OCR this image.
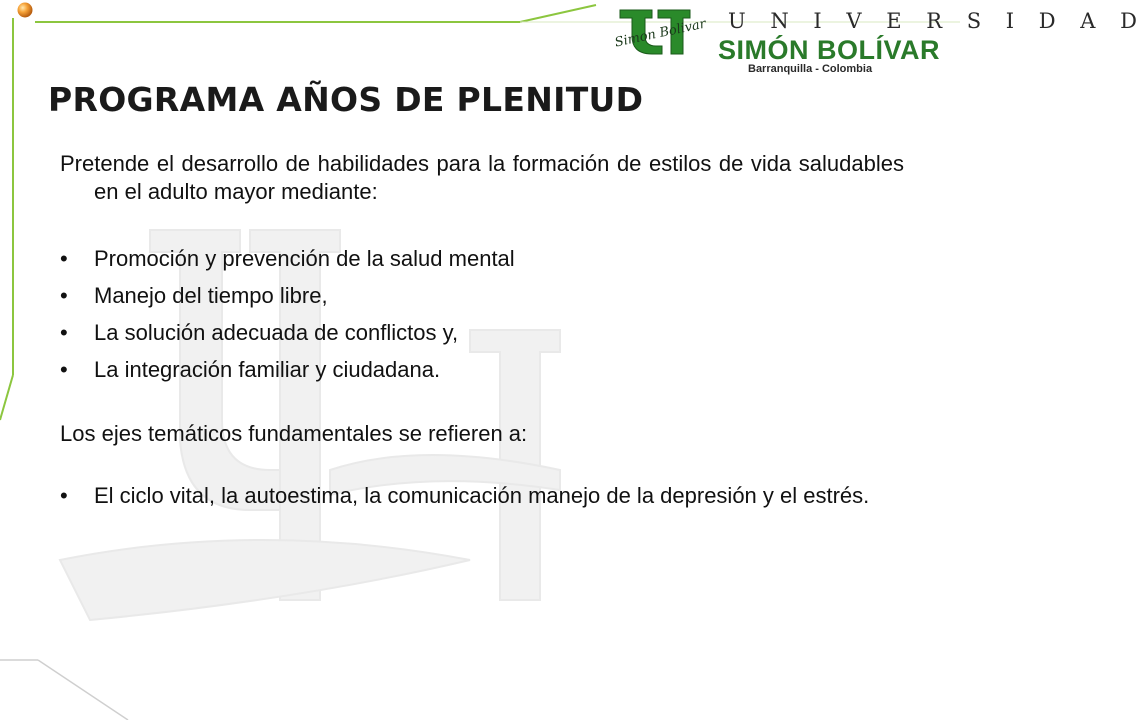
Simon Bolivar U N I V E R S I D A D
SIMÓN BOLÍVAR
Barranquilla - Colombia
PROGRAMA AÑOS DE PLENITUD

Pretende el desarrollo de habilidades para la formación de estilos de vida saludables en el adulto mayor mediante:

•	Promoción y prevención de la salud mental
•	Manejo del tiempo libre,
•	La solución adecuada de conflictos y,
•	La integración familiar y ciudadana.

Los ejes temáticos fundamentales se refieren a:

•	El ciclo vital, la autoestima, la comunicación manejo de la depresión y el estrés.
